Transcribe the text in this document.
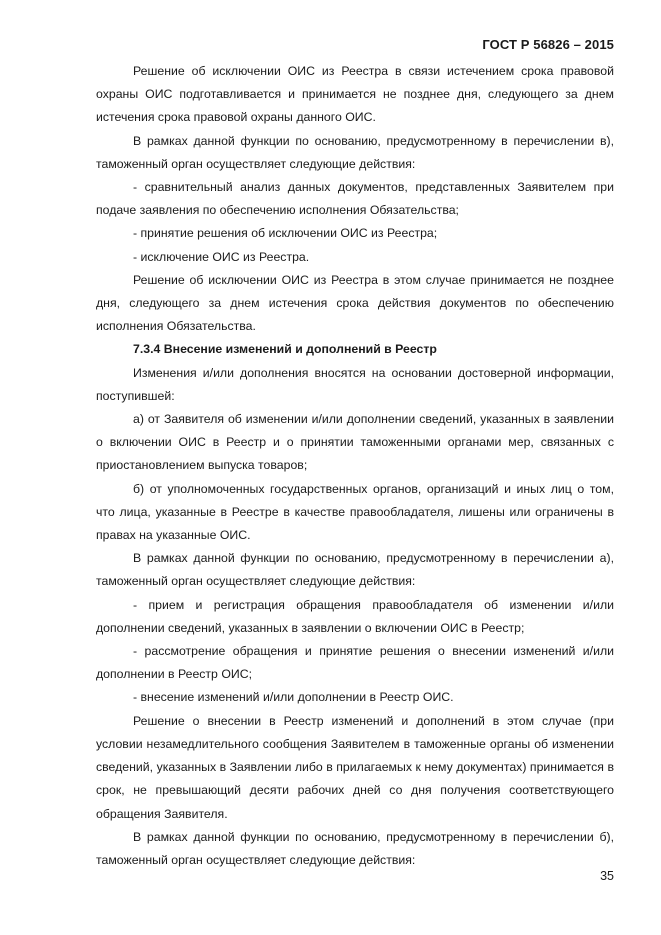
ГОСТ Р 56826 – 2015

Решение об исключении ОИС из Реестра в связи истечением срока правовой охраны ОИС подготавливается и принимается не позднее дня, следующего за днем истечения срока правовой охраны данного ОИС.

В рамках данной функции по основанию, предусмотренному в перечислении в), таможенный орган осуществляет следующие действия:

- сравнительный анализ данных документов, представленных Заявителем при подаче заявления по обеспечению исполнения Обязательства;

- принятие решения об исключении ОИС из Реестра;

- исключение ОИС из Реестра.

Решение об исключении ОИС из Реестра в этом случае принимается не позднее дня, следующего за днем истечения срока действия документов по обеспечению исполнения Обязательства.

7.3.4 Внесение изменений и дополнений в Реестр

Изменения и/или дополнения вносятся на основании достоверной информации, поступившей:

а) от Заявителя об изменении и/или дополнении сведений, указанных в заявлении о включении ОИС в Реестр и о принятии таможенными органами мер, связанных с приостановлением выпуска товаров;

б) от уполномоченных государственных органов, организаций и иных лиц о том, что лица, указанные в Реестре в качестве правообладателя, лишены или ограничены в правах на указанные ОИС.

В рамках данной функции по основанию, предусмотренному в перечислении а), таможенный орган осуществляет следующие действия:

- прием и регистрация обращения правообладателя об изменении и/или дополнении сведений, указанных в заявлении о включении ОИС в Реестр;

- рассмотрение обращения и принятие решения о внесении изменений и/или дополнении в Реестр ОИС;

- внесение изменений и/или дополнении в Реестр ОИС.

Решение о внесении в Реестр изменений и дополнений в этом случае (при условии незамедлительного сообщения Заявителем в таможенные органы об изменении сведений, указанных в Заявлении либо в прилагаемых к нему документах) принимается в срок, не превышающий десяти рабочих дней со дня получения соответствующего обращения Заявителя.

В рамках данной функции по основанию, предусмотренному в перечислении б), таможенный орган осуществляет следующие действия:

35
